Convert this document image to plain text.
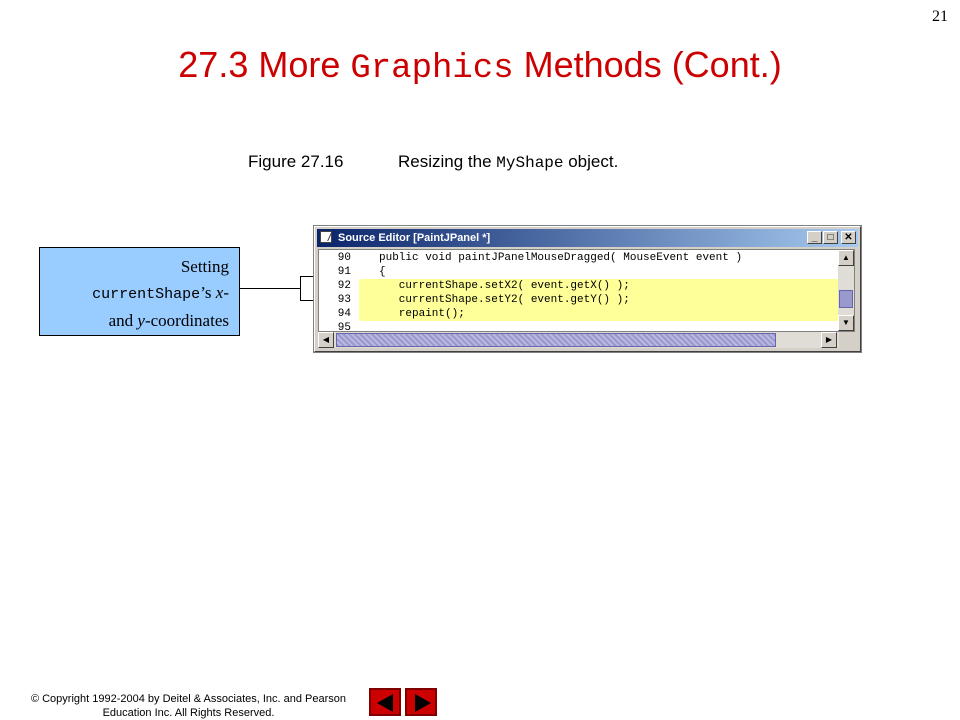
21
27.3 More Graphics Methods (Cont.)
Figure 27.16	Resizing the MyShape object.
Setting
currentShape’s x-
and y-coordinates
Source Editor [PaintJPanel *]	_	□	✕
90	public void paintJPanelMouseDragged( MouseEvent event )
91	{
92	currentShape.setX2( event.getX() );
93	currentShape.setY2( event.getY() );
94	repaint();
95
▲
▼
◀	▶
© Copyright 1992-2004 by Deitel & Associates, Inc. and Pearson
Education Inc. All Rights Reserved.
